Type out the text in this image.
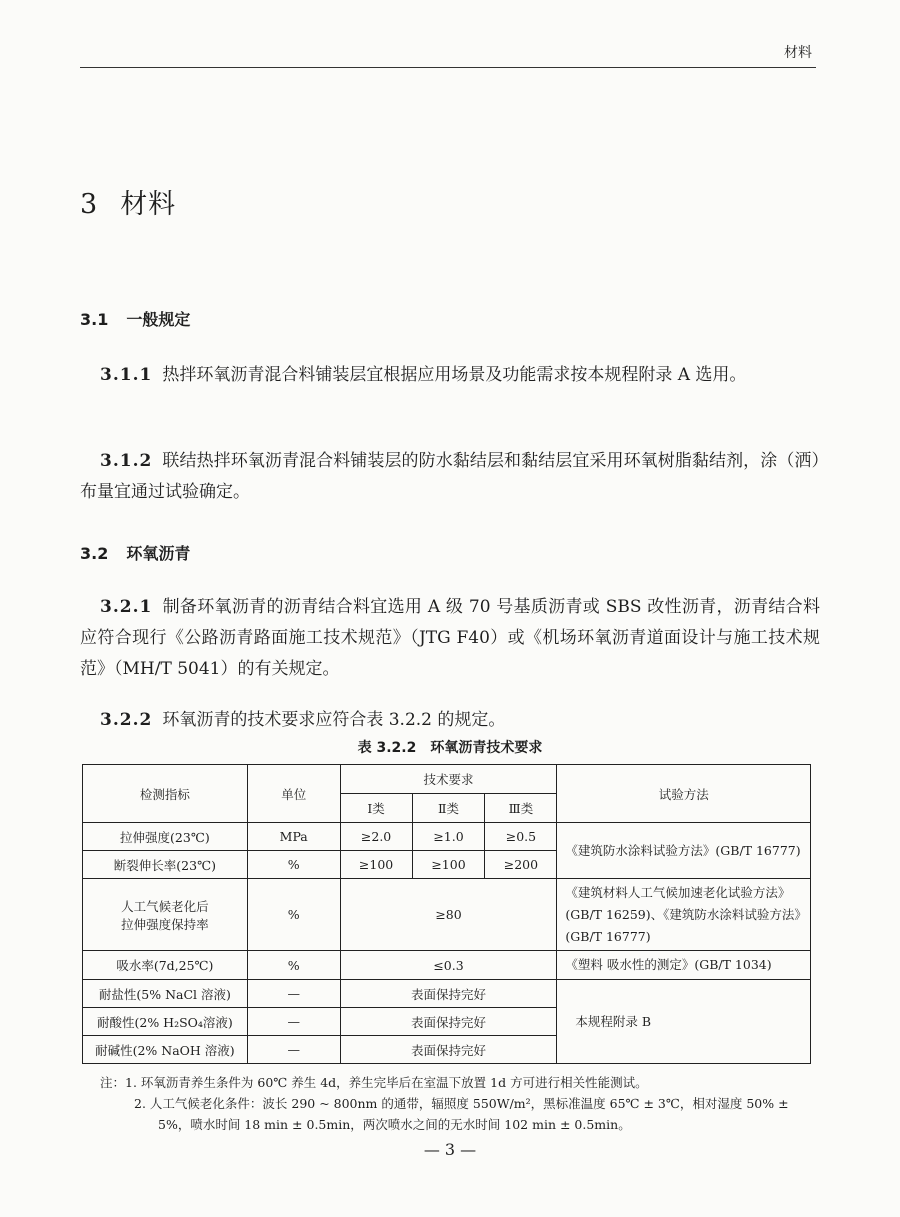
材料
3 材料
3.1 一般规定
3.1.1 热拌环氧沥青混合料铺装层宜根据应用场景及功能需求按本规程附录 A 选用。
3.1.2 联结热拌环氧沥青混合料铺装层的防水黏结层和黏结层宜采用环氧树脂黏结剂，涂（洒）布量宜通过试验确定。
3.2 环氧沥青
3.2.1 制备环氧沥青的沥青结合料宜选用 A 级 70 号基质沥青或 SBS 改性沥青，沥青结合料应符合现行《公路沥青路面施工技术规范》（JTG F40）或《机场环氧沥青道面设计与施工技术规范》（MH/T 5041）的有关规定。
3.2.2 环氧沥青的技术要求应符合表 3.2.2 的规定。
表 3.2.2 环氧沥青技术要求
检测指标	单位	技术要求			试验方法
		Ⅰ类	Ⅱ类	Ⅲ类	
拉伸强度(23℃)	MPa	≥2.0	≥1.0	≥0.5	《建筑防水涂料试验方法》(GB/T 16777)
断裂伸长率(23℃)	%	≥100	≥100	≥200	

人工气候老化后
拉伸强度保持率	%	≥80			《建筑材料人工气候加速老化试验方法》(GB/T 16259)、《建筑防水涂料试验方法》(GB/T 16777)
吸水率(7d,25℃)	%	≤0.3			《塑料 吸水性的测定》(GB/T 1034)
耐盐性(5% NaCl 溶液)	—	表面保持完好			本规程附录 B
耐酸性(2% H₂SO₄溶液)	—	表面保持完好			
耐碱性(2% NaOH 溶液)	—	表面保持完好			
注：1. 环氧沥青养生条件为 60℃ 养生 4d，养生完毕后在室温下放置 1d 方可进行相关性能测试。
2. 人工气候老化条件：波长 290 ~ 800nm 的通带，辐照度 550W/m²，黑标准温度 65℃ ± 3℃，相对湿度 50% ±
5%，喷水时间 18 min ± 0.5min，两次喷水之间的无水时间 102 min ± 0.5min。
— 3 —
